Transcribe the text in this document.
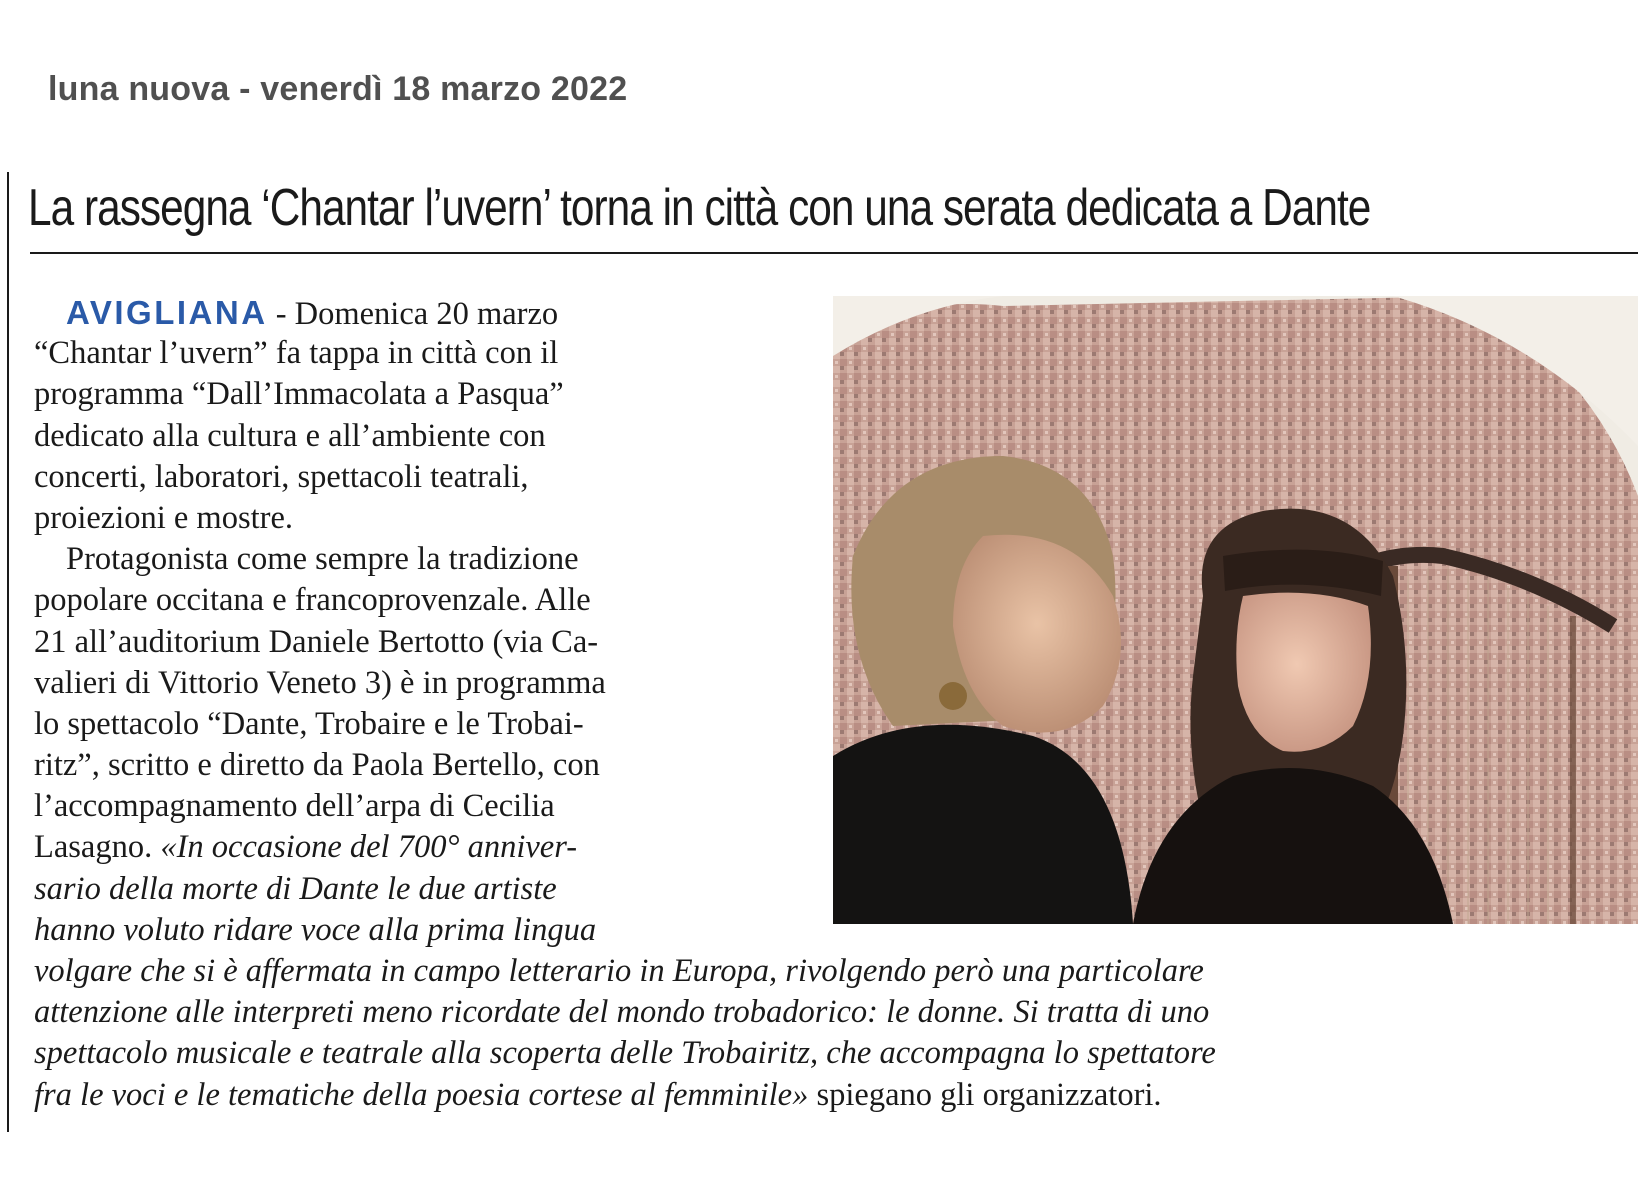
luna nuova - venerdì 18 marzo 2022
La rassegna ‘Chantar l’uvern’ torna in città con una serata dedicata a Dante
AVIGLIANA - Domenica 20 marzo
“Chantar l’uvern” fa tappa in città con il
programma “Dall’Immacolata a Pasqua”
dedicato alla cultura e all’ambiente con
concerti, laboratori, spettacoli teatrali,
proiezioni e mostre.
Protagonista come sempre la tradizione
popolare occitana e francoprovenzale. Alle
21 all’auditorium Daniele Bertotto (via Ca-
valieri di Vittorio Veneto 3) è in programma
lo spettacolo “Dante, Trobaire e le Trobai-
ritz”, scritto e diretto da Paola Bertello, con
l’accompagnamento dell’arpa di Cecilia
Lasagno. «In occasione del 700° anniver-
sario della morte di Dante le due artiste
hanno voluto ridare voce alla prima lingua
volgare che si è affermata in campo letterario in Europa, rivolgendo però una particolare
attenzione alle interpreti meno ricordate del mondo trobadorico: le donne. Si tratta di uno
spettacolo musicale e teatrale alla scoperta delle Trobairitz, che accompagna lo spettatore
fra le voci e le tematiche della poesia cortese al femminile» spiegano gli organizzatori.
